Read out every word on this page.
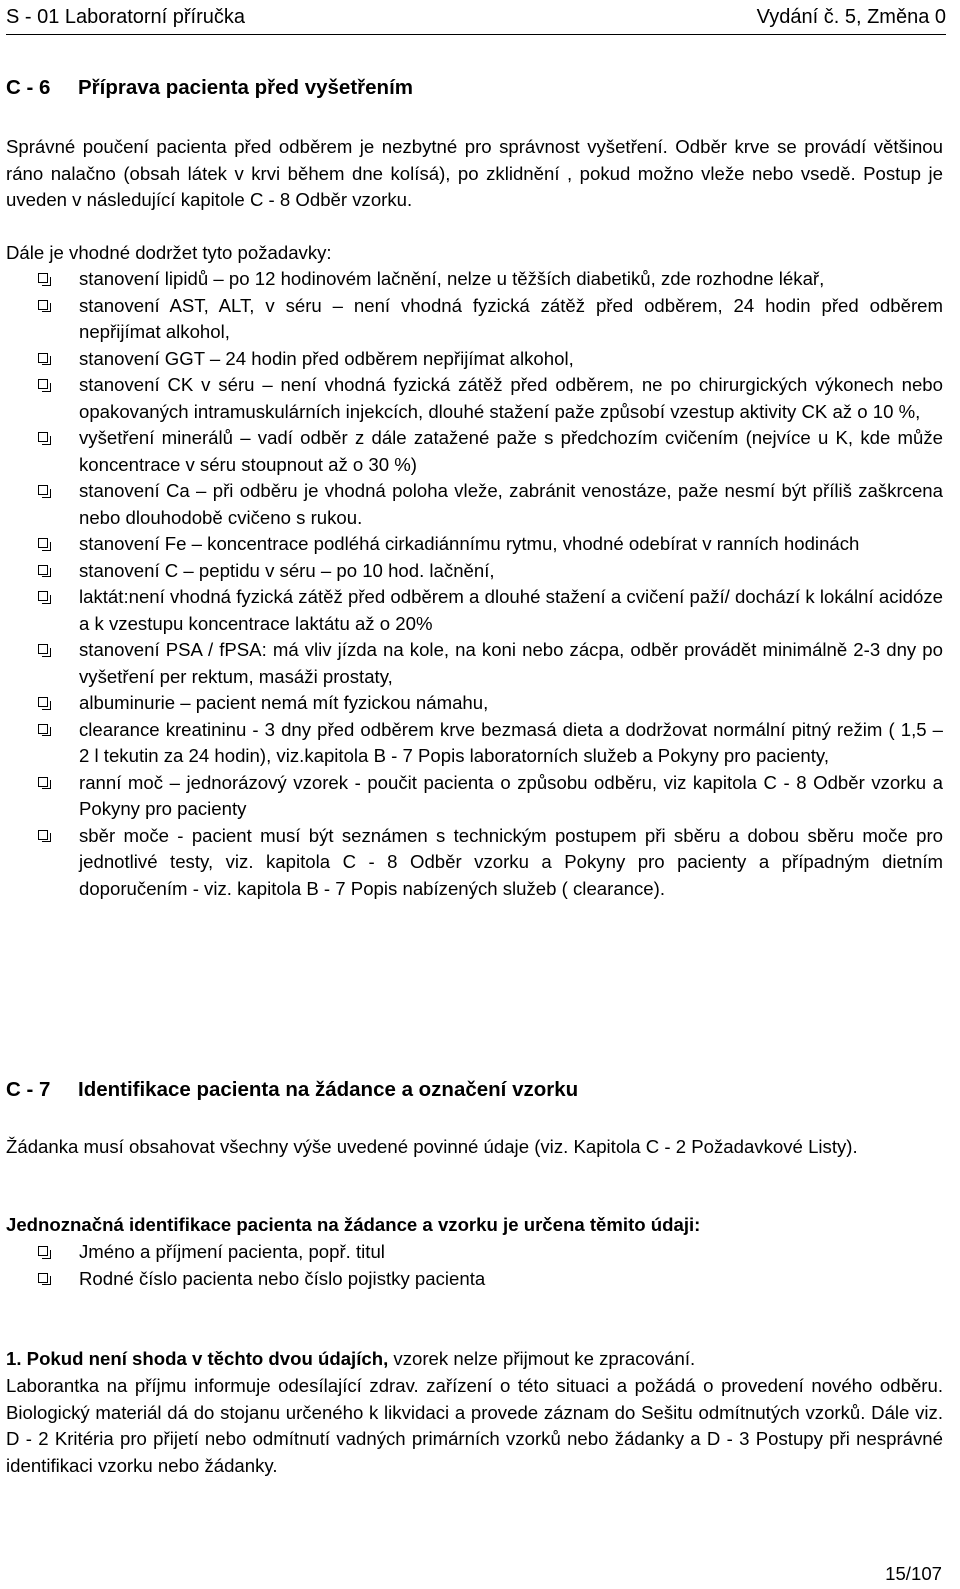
S - 01 Laboratorní příručka	Vydání č. 5, Změna 0
C - 6 Příprava pacienta před vyšetřením
Správné poučení pacienta před odběrem je nezbytné pro správnost vyšetření. Odběr krve se provádí většinou ráno nalačno (obsah látek v krvi během dne kolísá), po zklidnění , pokud možno vleže nebo vsedě. Postup je uveden v následující kapitole C - 8 Odběr vzorku.
Dále je vhodné dodržet tyto požadavky:
stanovení lipidů – po 12 hodinovém lačnění, nelze u těžších diabetiků, zde rozhodne lékař,
stanovení AST, ALT, v séru – není vhodná fyzická zátěž před odběrem, 24 hodin před odběrem nepřijímat alkohol,
stanovení GGT – 24 hodin před odběrem nepřijímat alkohol,
stanovení CK v séru – není vhodná fyzická zátěž před odběrem, ne po chirurgických výkonech nebo opakovaných intramuskulárních injekcích, dlouhé stažení paže způsobí vzestup aktivity CK až o 10 %,
vyšetření minerálů – vadí odběr z dále zatažené paže s předchozím cvičením (nejvíce u K, kde může koncentrace v séru stoupnout až o 30 %)
stanovení Ca – při odběru je vhodná poloha vleže, zabránit venostáze, paže nesmí být příliš zaškrcena nebo dlouhodobě cvičeno s rukou.
stanovení Fe – koncentrace podléhá cirkadiánnímu rytmu, vhodné odebírat v ranních hodinách
stanovení C – peptidu v séru – po 10 hod. lačnění,
laktát:není vhodná fyzická zátěž před odběrem a dlouhé stažení a cvičení paží/ dochází k lokální acidóze a k vzestupu koncentrace laktátu až o 20%
stanovení PSA / fPSA: má vliv jízda na kole, na koni nebo zácpa, odběr provádět minimálně 2-3 dny po vyšetření per rektum, masáži prostaty,
albuminurie – pacient nemá mít fyzickou námahu,
clearance kreatininu - 3 dny před odběrem krve bezmasá dieta a dodržovat normální pitný režim ( 1,5 – 2 l tekutin za 24 hodin), viz.kapitola B - 7 Popis laboratorních služeb a Pokyny pro pacienty,
ranní moč – jednorázový vzorek - poučit pacienta o způsobu odběru, viz kapitola C - 8 Odběr vzorku a Pokyny pro pacienty
sběr moče - pacient musí být seznámen s technickým postupem při sběru a dobou sběru moče pro jednotlivé testy, viz. kapitola C - 8 Odběr vzorku a Pokyny pro pacienty a případným dietním doporučením - viz. kapitola B - 7 Popis nabízených služeb ( clearance).
C - 7 Identifikace pacienta na žádance a označení vzorku
Žádanka musí obsahovat všechny výše uvedené povinné údaje (viz. Kapitola C - 2 Požadavkové Listy).
Jednoznačná identifikace pacienta na žádance a vzorku je určena těmito údaji:
Jméno a příjmení pacienta, popř. titul
Rodné číslo pacienta nebo číslo pojistky pacienta
1. Pokud není shoda v těchto dvou údajích, vzorek nelze přijmout ke zpracování.
Laborantka na příjmu informuje odesílající zdrav. zařízení o této situaci a požádá o provedení nového odběru. Biologický materiál dá do stojanu určeného k likvidaci a provede záznam do Sešitu odmítnutých vzorků. Dále viz. D - 2 Kritéria pro přijetí nebo odmítnutí vadných primárních vzorků nebo žádanky a D - 3 Postupy při nesprávné identifikaci vzorku nebo žádanky.
15/107
